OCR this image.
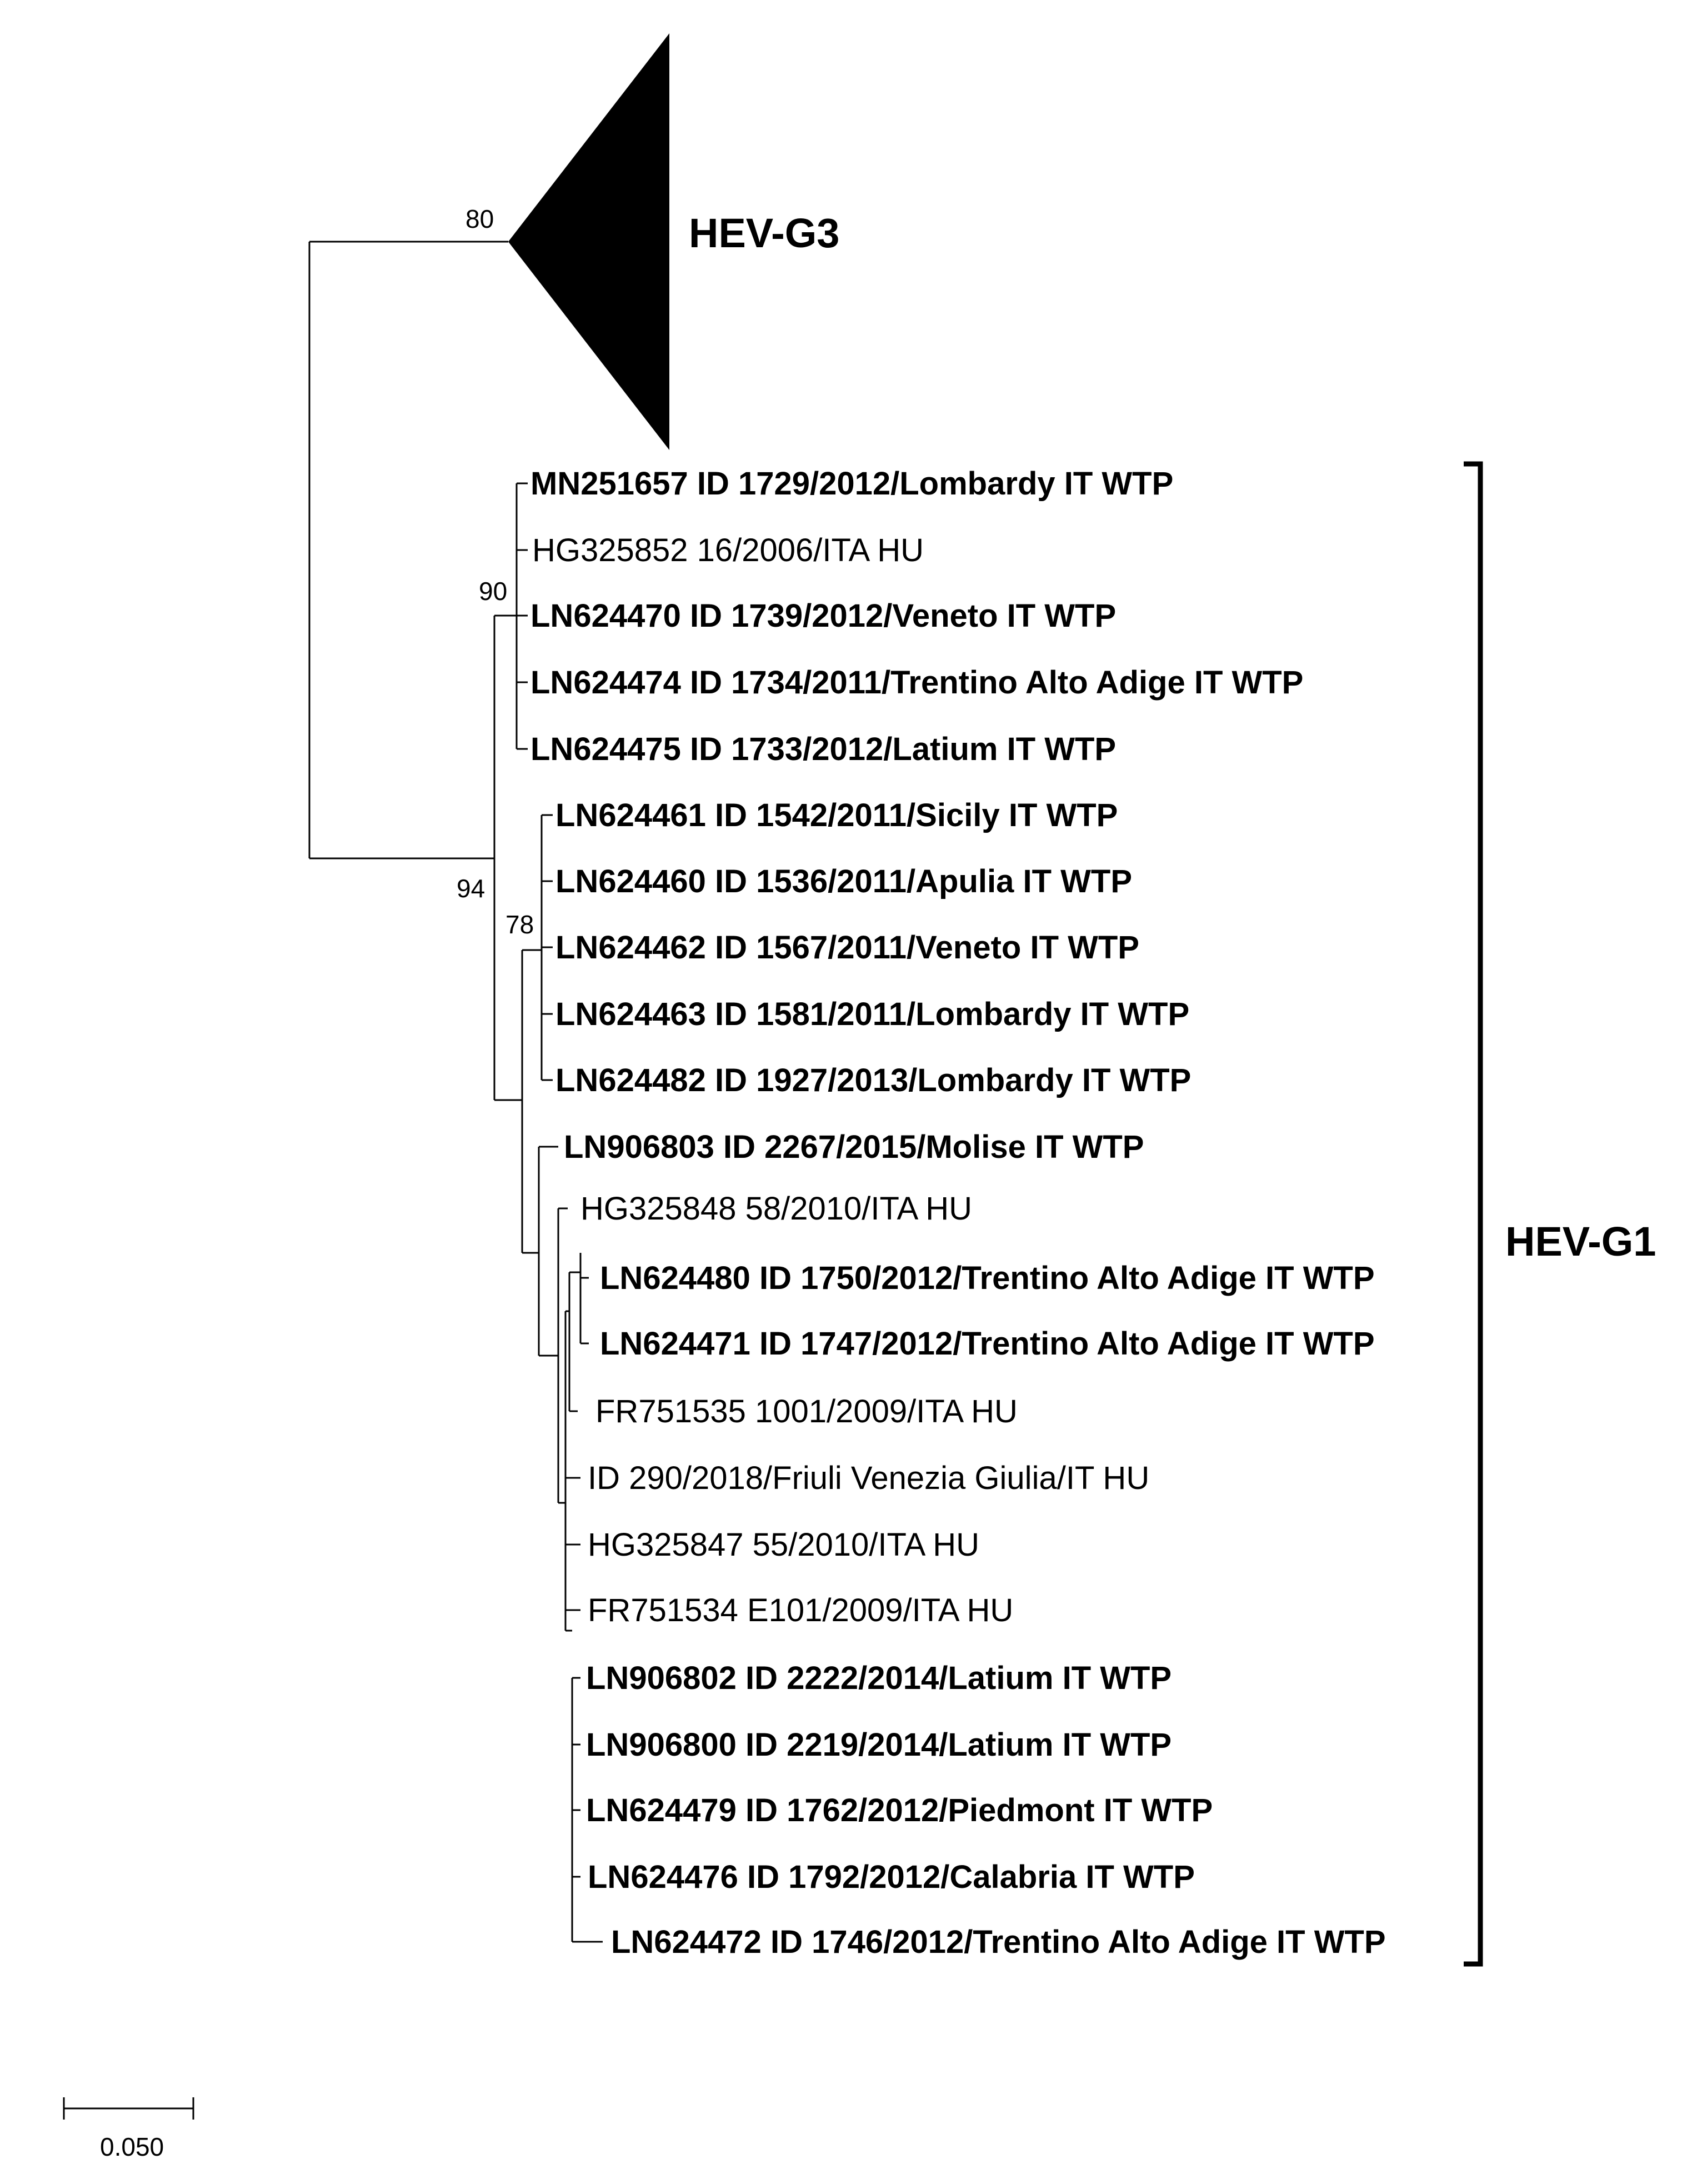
HEV-G3
80
90
94
78
MN251657 ID 1729/2012/Lombardy IT WTP
HG325852 16/2006/ITA HU
LN624470 ID 1739/2012/Veneto IT WTP
LN624474 ID 1734/2011/Trentino Alto Adige IT WTP
LN624475 ID 1733/2012/Latium IT WTP
LN624461 ID 1542/2011/Sicily IT WTP
LN624460 ID 1536/2011/Apulia IT WTP
LN624462 ID 1567/2011/Veneto IT WTP
LN624463 ID 1581/2011/Lombardy IT WTP
LN624482 ID 1927/2013/Lombardy IT WTP
LN906803 ID 2267/2015/Molise IT WTP
HG325848 58/2010/ITA HU
LN624480 ID 1750/2012/Trentino Alto Adige IT WTP
LN624471 ID 1747/2012/Trentino Alto Adige IT WTP
FR751535 1001/2009/ITA HU
ID 290/2018/Friuli Venezia Giulia/IT HU
HG325847 55/2010/ITA HU
FR751534 E101/2009/ITA HU
LN906802 ID 2222/2014/Latium IT WTP
LN906800 ID 2219/2014/Latium IT WTP
LN624479 ID 1762/2012/Piedmont IT WTP
LN624476 ID 1792/2012/Calabria IT WTP
LN624472 ID 1746/2012/Trentino Alto Adige IT WTP
HEV-G1
0.050
